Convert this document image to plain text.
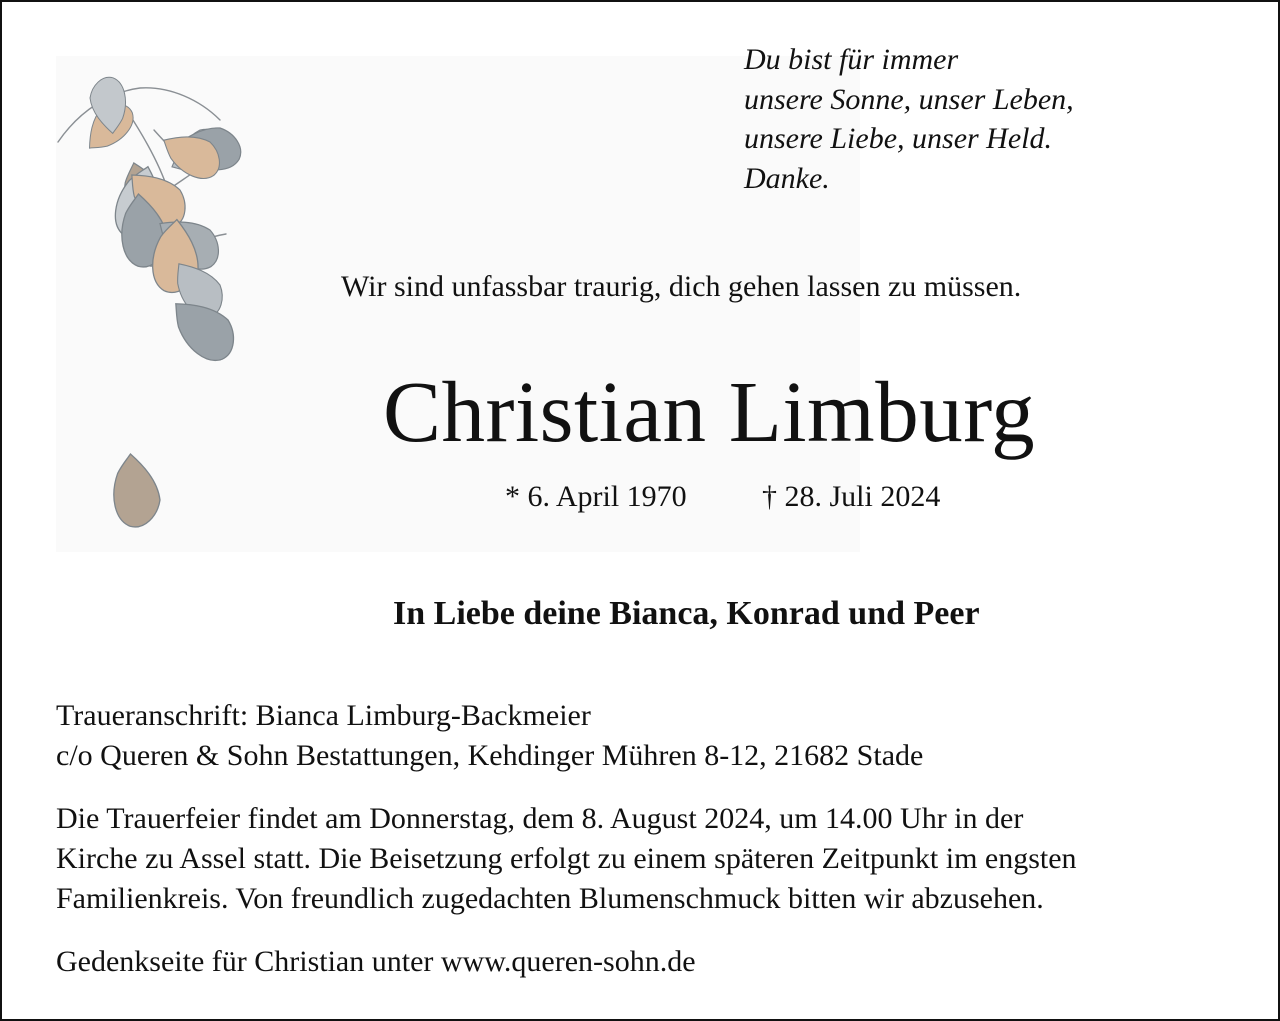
Du bist für immer
unsere Sonne, unser Leben,
unsere Liebe, unser Held.
Danke.
Wir sind unfassbar traurig, dich gehen lassen zu müssen.
Christian Limburg
* 6. April 1970	† 28. Juli 2024
In Liebe deine Bianca, Konrad und Peer
Traueranschrift: Bianca Limburg-Backmeier
c/o Queren & Sohn Bestattungen, Kehdinger Mühren 8-12, 21682 Stade
Die Trauerfeier findet am Donnerstag, dem 8. August 2024, um 14.00 Uhr in der
Kirche zu Assel statt. Die Beisetzung erfolgt zu einem späteren Zeitpunkt im engsten
Familienkreis. Von freundlich zugedachten Blumenschmuck bitten wir abzusehen.
Gedenkseite für Christian unter www.queren-sohn.de
